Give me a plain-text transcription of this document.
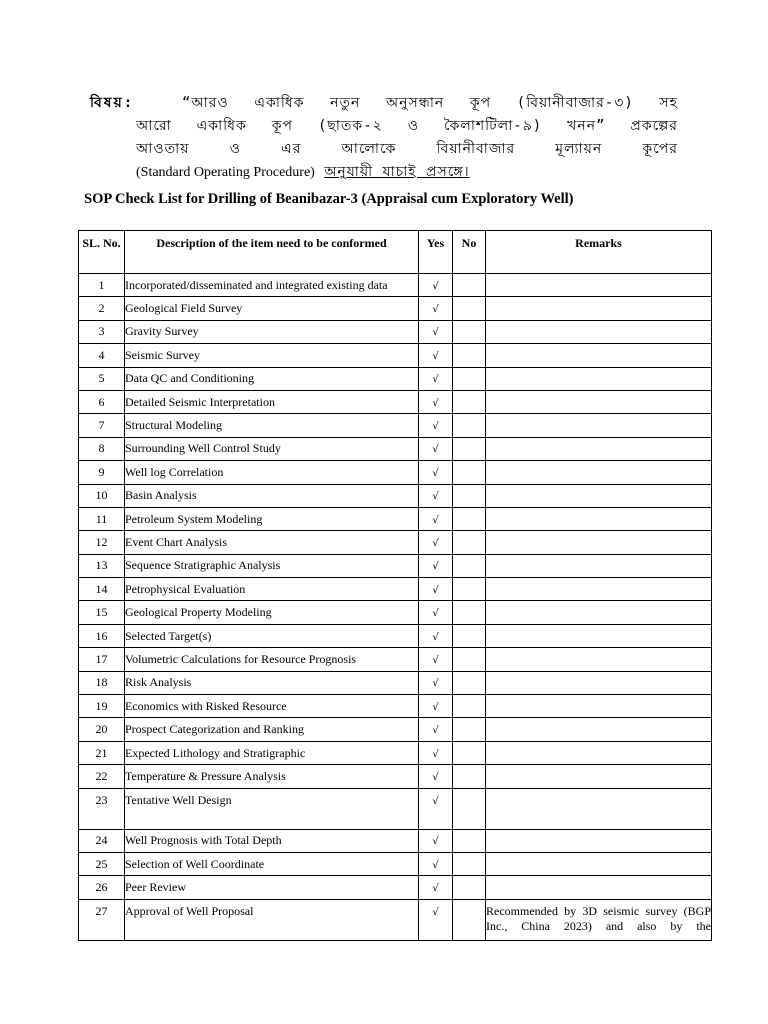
বিষয়:	“আরও একাধিক নতুন অনুসন্ধান কূপ (বিয়ানীবাজার-৩) সহ
আরো একাধিক কূপ (ছাতক-২ ও কৈলাশটিলা-৯) খনন” প্রকল্পের
আওতায় ও এর আলোকে বিয়ানীবাজার মূল্যায়ন কূপের
(Standard Operating Procedure) অনুযায়ী যাচাই প্রসঙ্গে।
SOP Check List for Drilling of Beanibazar-3 (Appraisal cum Exploratory Well)
SL. No.	Description of the item need to be conformed	Yes	No	Remarks
1	Incorporated/disseminated and integrated existing data	√		
2	Geological Field Survey	√		
3	Gravity Survey	√		
4	Seismic Survey	√		
5	Data QC and Conditioning	√		
6	Detailed Seismic Interpretation	√		
7	Structural Modeling	√		
8	Surrounding Well Control Study	√		
9	Well log Correlation	√		
10	Basin Analysis	√		
11	Petroleum System Modeling	√		
12	Event Chart Analysis	√		
13	Sequence Stratigraphic Analysis	√		
14	Petrophysical Evaluation	√		
15	Geological Property Modeling	√		
16	Selected Target(s)	√		
17	Volumetric Calculations for Resource Prognosis	√		
18	Risk Analysis	√		
19	Economics with Risked Resource	√		
20	Prospect Categorization and Ranking	√		
21	Expected Lithology and Stratigraphic	√		
22	Temperature & Pressure Analysis	√		
23	Tentative Well Design	√		
24	Well Prognosis with Total Depth	√		
25	Selection of Well Coordinate	√		
26	Peer Review	√		
27	Approval of Well Proposal	√		Recommended by 3D seismic survey (BGP Inc., China 2023) and also by the
